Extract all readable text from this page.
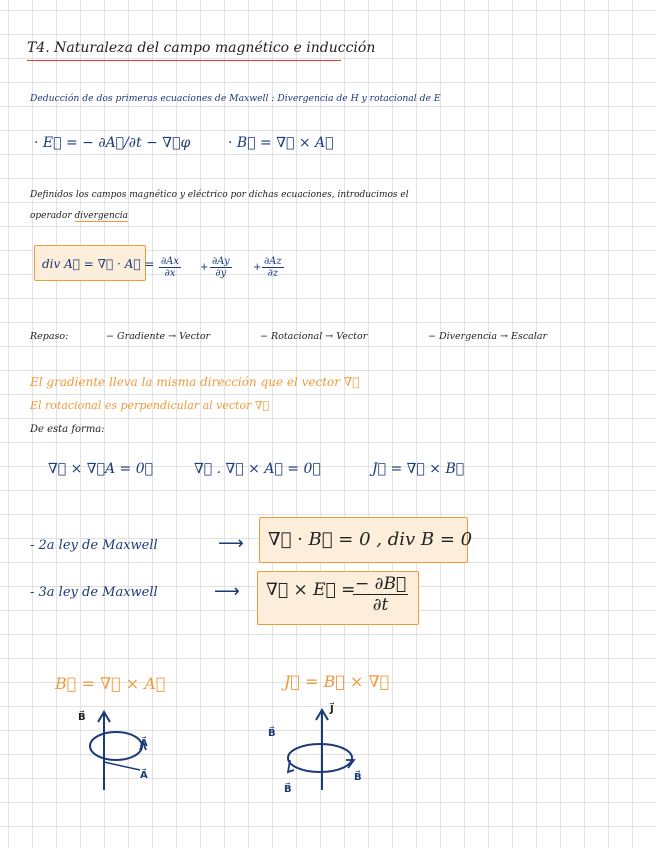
T4. Naturaleza del campo magnético e inducción
Deducción de dos primeras ecuaciones de Maxwell : Divergencia de H y rotacional de E
· E⃗ = − ∂A⃗/∂t − ∇⃗φ	· B⃗ = ∇⃗ × A⃗
Definidos los campos magnético y eléctrico por dichas ecuaciones, introducimos el
operador divergencia
div A⃗ = ∇⃗ · A⃗ = $\frac{\partial Ax}{\partial x} + \frac{\partial Ay}{\partial y} + \frac{\partial Az}{\partial z}$
Repaso:	− Gradiente → Vector	− Rotacional → Vector	− Divergencia → Escalar
El gradiente lleva la misma dirección que el vector ∇⃗
El rotacional es perpendicular al vector ∇⃗
De esta forma:
∇⃗ × ∇⃗A = 0⃗	∇⃗ . ∇⃗ × A⃗ = 0⃗	J⃗ = ∇⃗ × B⃗
- 2a ley de Maxwell	⟶ ∇⃗ · B⃗ = 0 , div B = 0
- 3a ley de Maxwell	⟶ ∇⃗ × E⃗ =
$\frac{- \partial B⃗}{\partial t}$
B⃗ = ∇⃗ × A⃗	J⃗ = B⃗ × ∇⃗
B⃗
A⃗
A⃗
J⃗
B⃗
B⃗
B⃗
